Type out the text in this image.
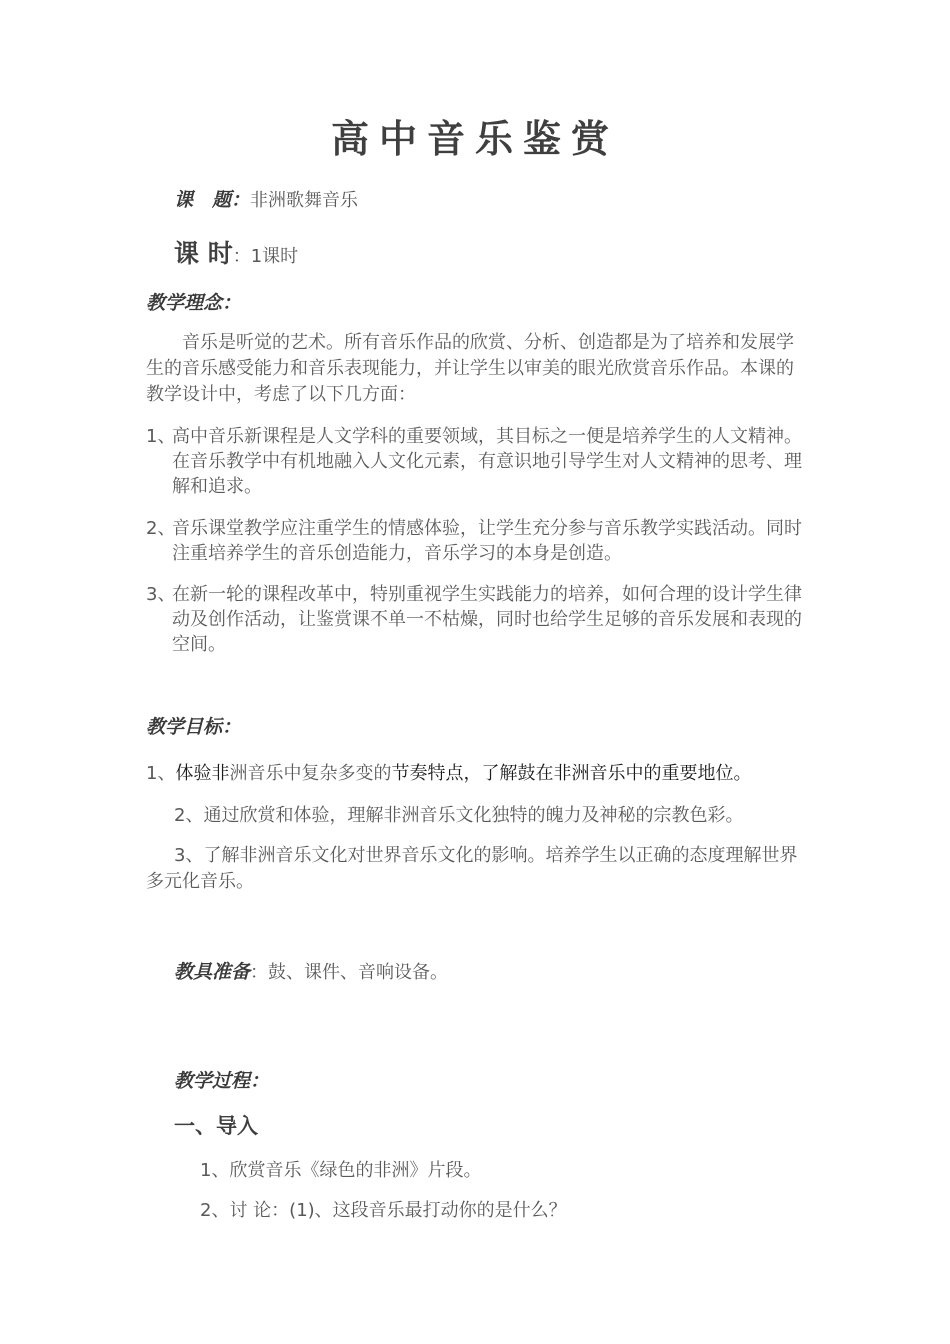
高中音乐鉴赏
课　题：非洲歌舞音乐
课 时：1课时
教学理念：
音乐是听觉的艺术。所有音乐作品的欣赏、分析、创造都是为了培养和发展学生的音乐感受能力和音乐表现能力，并让学生以审美的眼光欣赏音乐作品。本课的教学设计中，考虑了以下几方面：
1、
高中音乐新课程是人文学科的重要领域，其目标之一便是培养学生的人文精神。在音乐教学中有机地融入人文化元素，有意识地引导学生对人文精神的思考、理解和追求。
2、
音乐课堂教学应注重学生的情感体验，让学生充分参与音乐教学实践活动。同时注重培养学生的音乐创造能力，音乐学习的本身是创造。
3、
在新一轮的课程改革中，特别重视学生实践能力的培养，如何合理的设计学生律动及创作活动，让鉴赏课不单一不枯燥，同时也给学生足够的音乐发展和表现的空间。
教学目标：
1、体验非洲音乐中复杂多变的节奏特点，了解鼓在非洲音乐中的重要地位。
2、通过欣赏和体验，理解非洲音乐文化独特的魄力及神秘的宗教色彩。
3、了解非洲音乐文化对世界音乐文化的影响。培养学生以正确的态度理解世界多元化音乐。
教具准备：鼓、课件、音响设备。
教学过程：
一、导入
1、欣赏音乐《绿色的非洲》片段。
2、讨 论：(1)、这段音乐最打动你的是什么？
